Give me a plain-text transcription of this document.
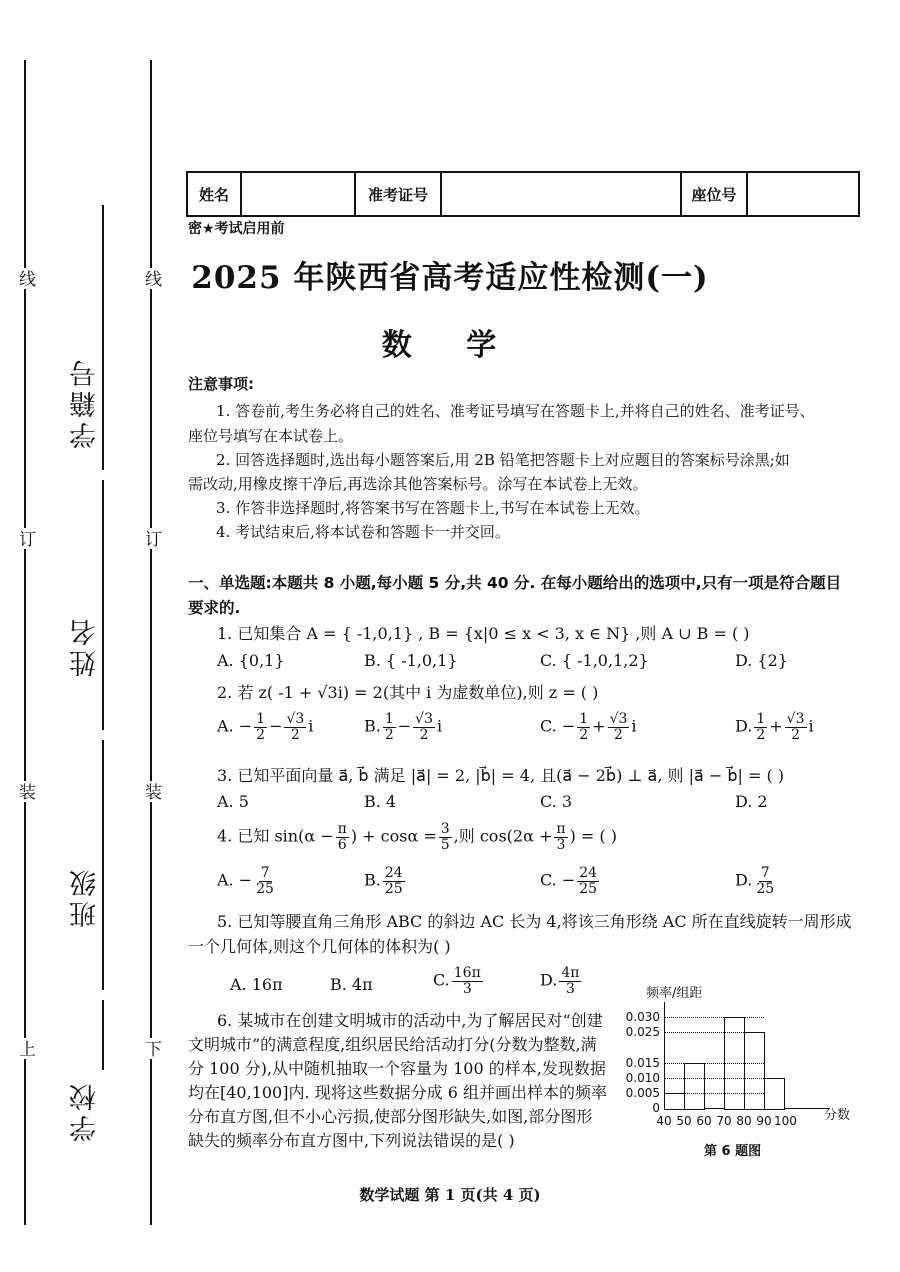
线
订
装
上
线
订
装
下
学籍号
姓名
班级
学校
姓名	准考证号	座位号
密★考试启用前
2025 年陕西省高考适应性检测(一)
数 学
注意事项:
1. 答卷前,考生务必将自己的姓名、准考证号填写在答题卡上,并将自己的姓名、准考证号、
座位号填写在本试卷上。
2. 回答选择题时,选出每小题答案后,用 2B 铅笔把答题卡上对应题目的答案标号涂黑;如
需改动,用橡皮擦干净后,再选涂其他答案标号。涂写在本试卷上无效。
3. 作答非选择题时,将答案书写在答题卡上,书写在本试卷上无效。
4. 考试结束后,将本试卷和答题卡一并交回。
一、单选题:本题共 8 小题,每小题 5 分,共 40 分. 在每小题给出的选项中,只有一项是符合题目
要求的.
1. 已知集合 A = { -1,0,1} , B = {x|0 ≤ x < 3, x ∈ N} ,则 A ∪ B = ( )
A. {0,1}	B. { -1,0,1}	C. { -1,0,1,2}	D. {2}
2. 若 z( -1 + √3i) = 2(其中 i 为虚数单位),则 z = ( )
A. − $\frac{1}{2} - \frac{√3}{2}$ i	B. $\frac{1}{2} - \frac{√3}{2}$ i	C. − $\frac{1}{2} + \frac{√3}{2}$ i	D. $\frac{1}{2} + \frac{√3}{2}$ i
3. 已知平面向量 a⃗, b⃗ 满足 |a⃗| = 2, |b⃗| = 4, 且(a⃗ − 2b⃗) ⊥ a⃗, 则 |a⃗ − b⃗| = ( )
A. 5	B. 4	C. 3	D. 2
4. 已知 $\sin(\alpha - \frac{\pi}{6}$ ) + $\cos\alpha = \frac{3}{5}$ ,则 $\cos(2\alpha + \frac{\pi}{3}$ ) = ( )
A. − $\frac{7}{25}$	B. $\frac{24}{25}$	C. − $\frac{24}{25}$	D. $\frac{7}{25}$
5. 已知等腰直角三角形 ABC 的斜边 AC 长为 4,将该三角形绕 AC 所在直线旋转一周形成
一个几何体,则这个几何体的体积为( )
A. 16π	B. 4π	C. $\frac{16\pi}{3}$	D. $\frac{4\pi}{3}$
6. 某城市在创建文明城市的活动中,为了解居民对“创建
文明城市”的满意程度,组织居民给活动打分(分数为整数,满
分 100 分),从中随机抽取一个容量为 100 的样本,发现数据
均在[40,100]内. 现将这些数据分成 6 组并画出样本的频率
分布直方图,但不小心污损,使部分图形缺失,如图,部分图形
缺失的频率分布直方图中,下列说法错误的是( )
频率/组距
分数
第 6 题图
0.030
0.025
0.015
0.010
0.005
0
40 50 60 70 80 90 100
数学试题 第 1 页(共 4 页)
